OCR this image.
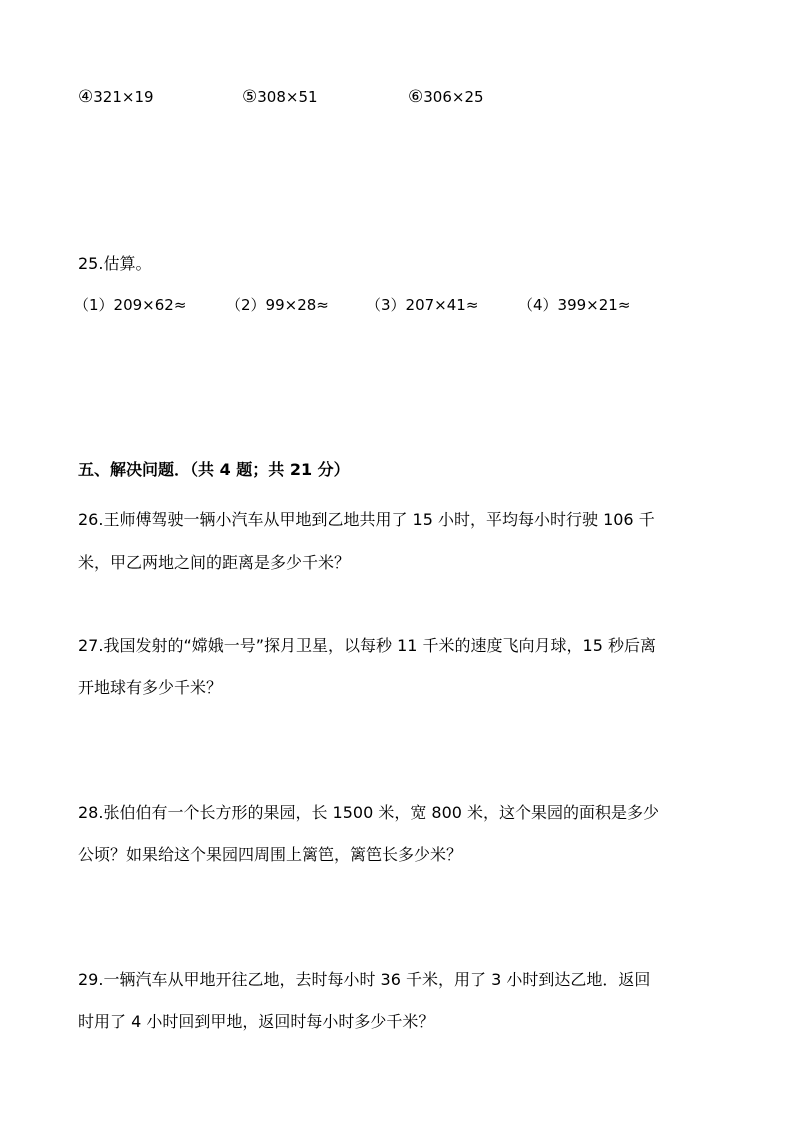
④321×19	⑤308×51	⑥306×25
25.估算。
（1）209×62≈	（2）99×28≈ （3）207×41≈	（4）399×21≈
五、解决问题．（共 4 题；共 21 分）
26.王师傅驾驶一辆小汽车从甲地到乙地共用了 15 小时，平均每小时行驶 106 千
米，甲乙两地之间的距离是多少千米？
27.我国发射的“嫦娥一号”探月卫星，以每秒 11 千米的速度飞向月球，15 秒后离
开地球有多少千米？
28.张伯伯有一个长方形的果园，长 1500 米，宽 800 米，这个果园的面积是多少
公顷？如果给这个果园四周围上篱笆，篱笆长多少米？
29.一辆汽车从甲地开往乙地，去时每小时 36 千米，用了 3 小时到达乙地．返回
时用了 4 小时回到甲地，返回时每小时多少千米？
